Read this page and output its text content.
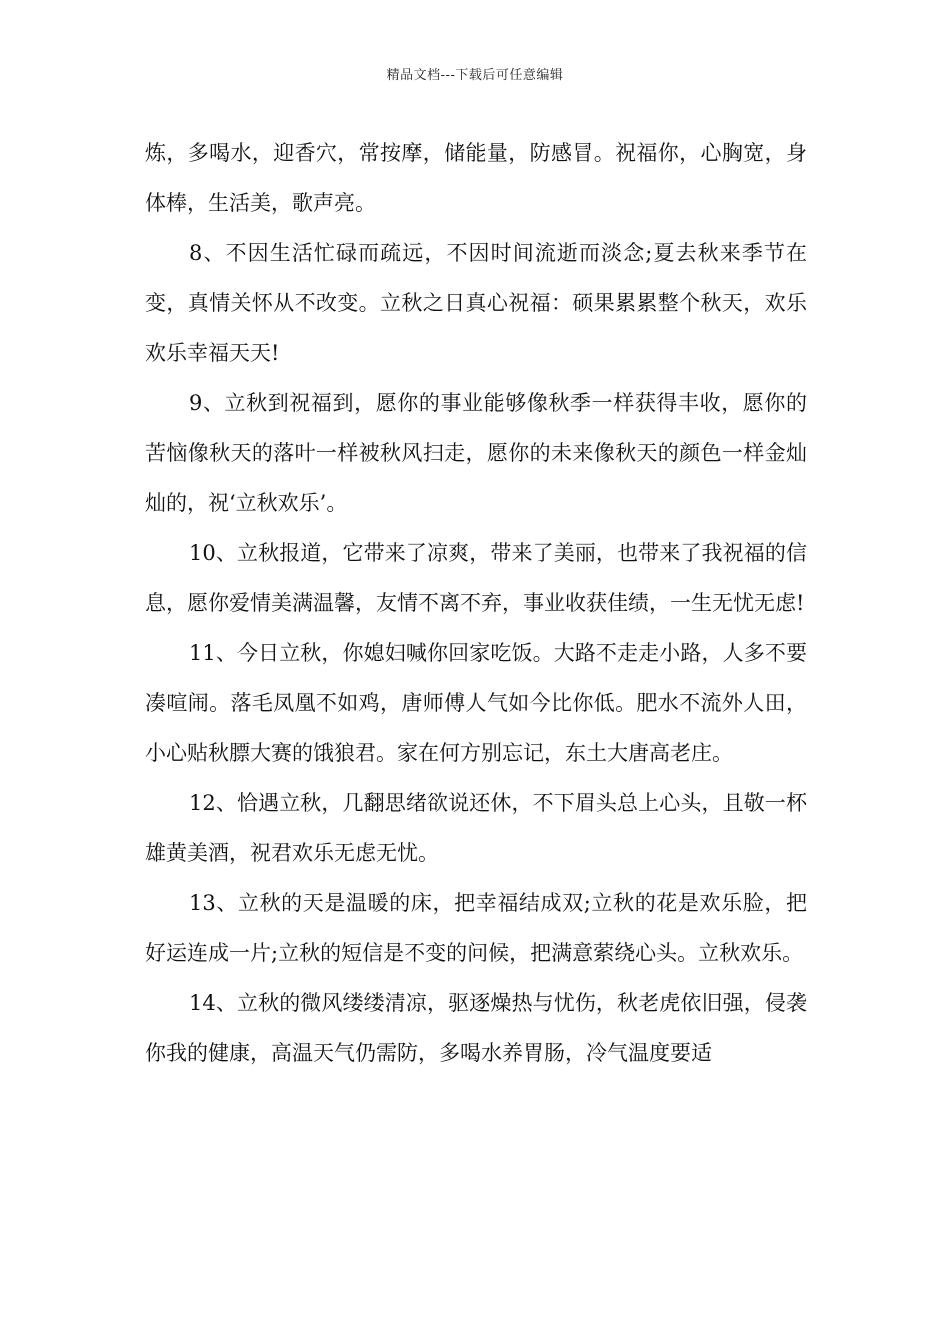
精品文档---下载后可任意编辑

炼，多喝水，迎香穴，常按摩，储能量，防感冒。祝福你，心胸宽，身体棒，生活美，歌声亮。

8、不因生活忙碌而疏远，不因时间流逝而淡念;夏去秋来季节在变，真情关怀从不改变。立秋之日真心祝福：硕果累累整个秋天，欢乐欢乐幸福天天!

9、立秋到祝福到，愿你的事业能够像秋季一样获得丰收，愿你的苦恼像秋天的落叶一样被秋风扫走，愿你的未来像秋天的颜色一样金灿灿的，祝‘立秋欢乐’。

10、立秋报道，它带来了凉爽，带来了美丽，也带来了我祝福的信息，愿你爱情美满温馨，友情不离不弃，事业收获佳绩，一生无忧无虑!

11、今日立秋，你媳妇喊你回家吃饭。大路不走走小路，人多不要凑喧闹。落毛凤凰不如鸡，唐师傅人气如今比你低。肥水不流外人田，小心贴秋膘大赛的饿狼君。家在何方别忘记，东土大唐高老庄。

12、恰遇立秋，几翻思绪欲说还休，不下眉头总上心头，且敬一杯雄黄美酒，祝君欢乐无虑无忧。

13、立秋的天是温暖的床，把幸福结成双;立秋的花是欢乐脸，把好运连成一片;立秋的短信是不变的问候，把满意萦绕心头。立秋欢乐。

14、立秋的微风缕缕清凉，驱逐燥热与忧伤，秋老虎依旧强，侵袭你我的健康，高温天气仍需防，多喝水养胃肠，冷气温度要适
